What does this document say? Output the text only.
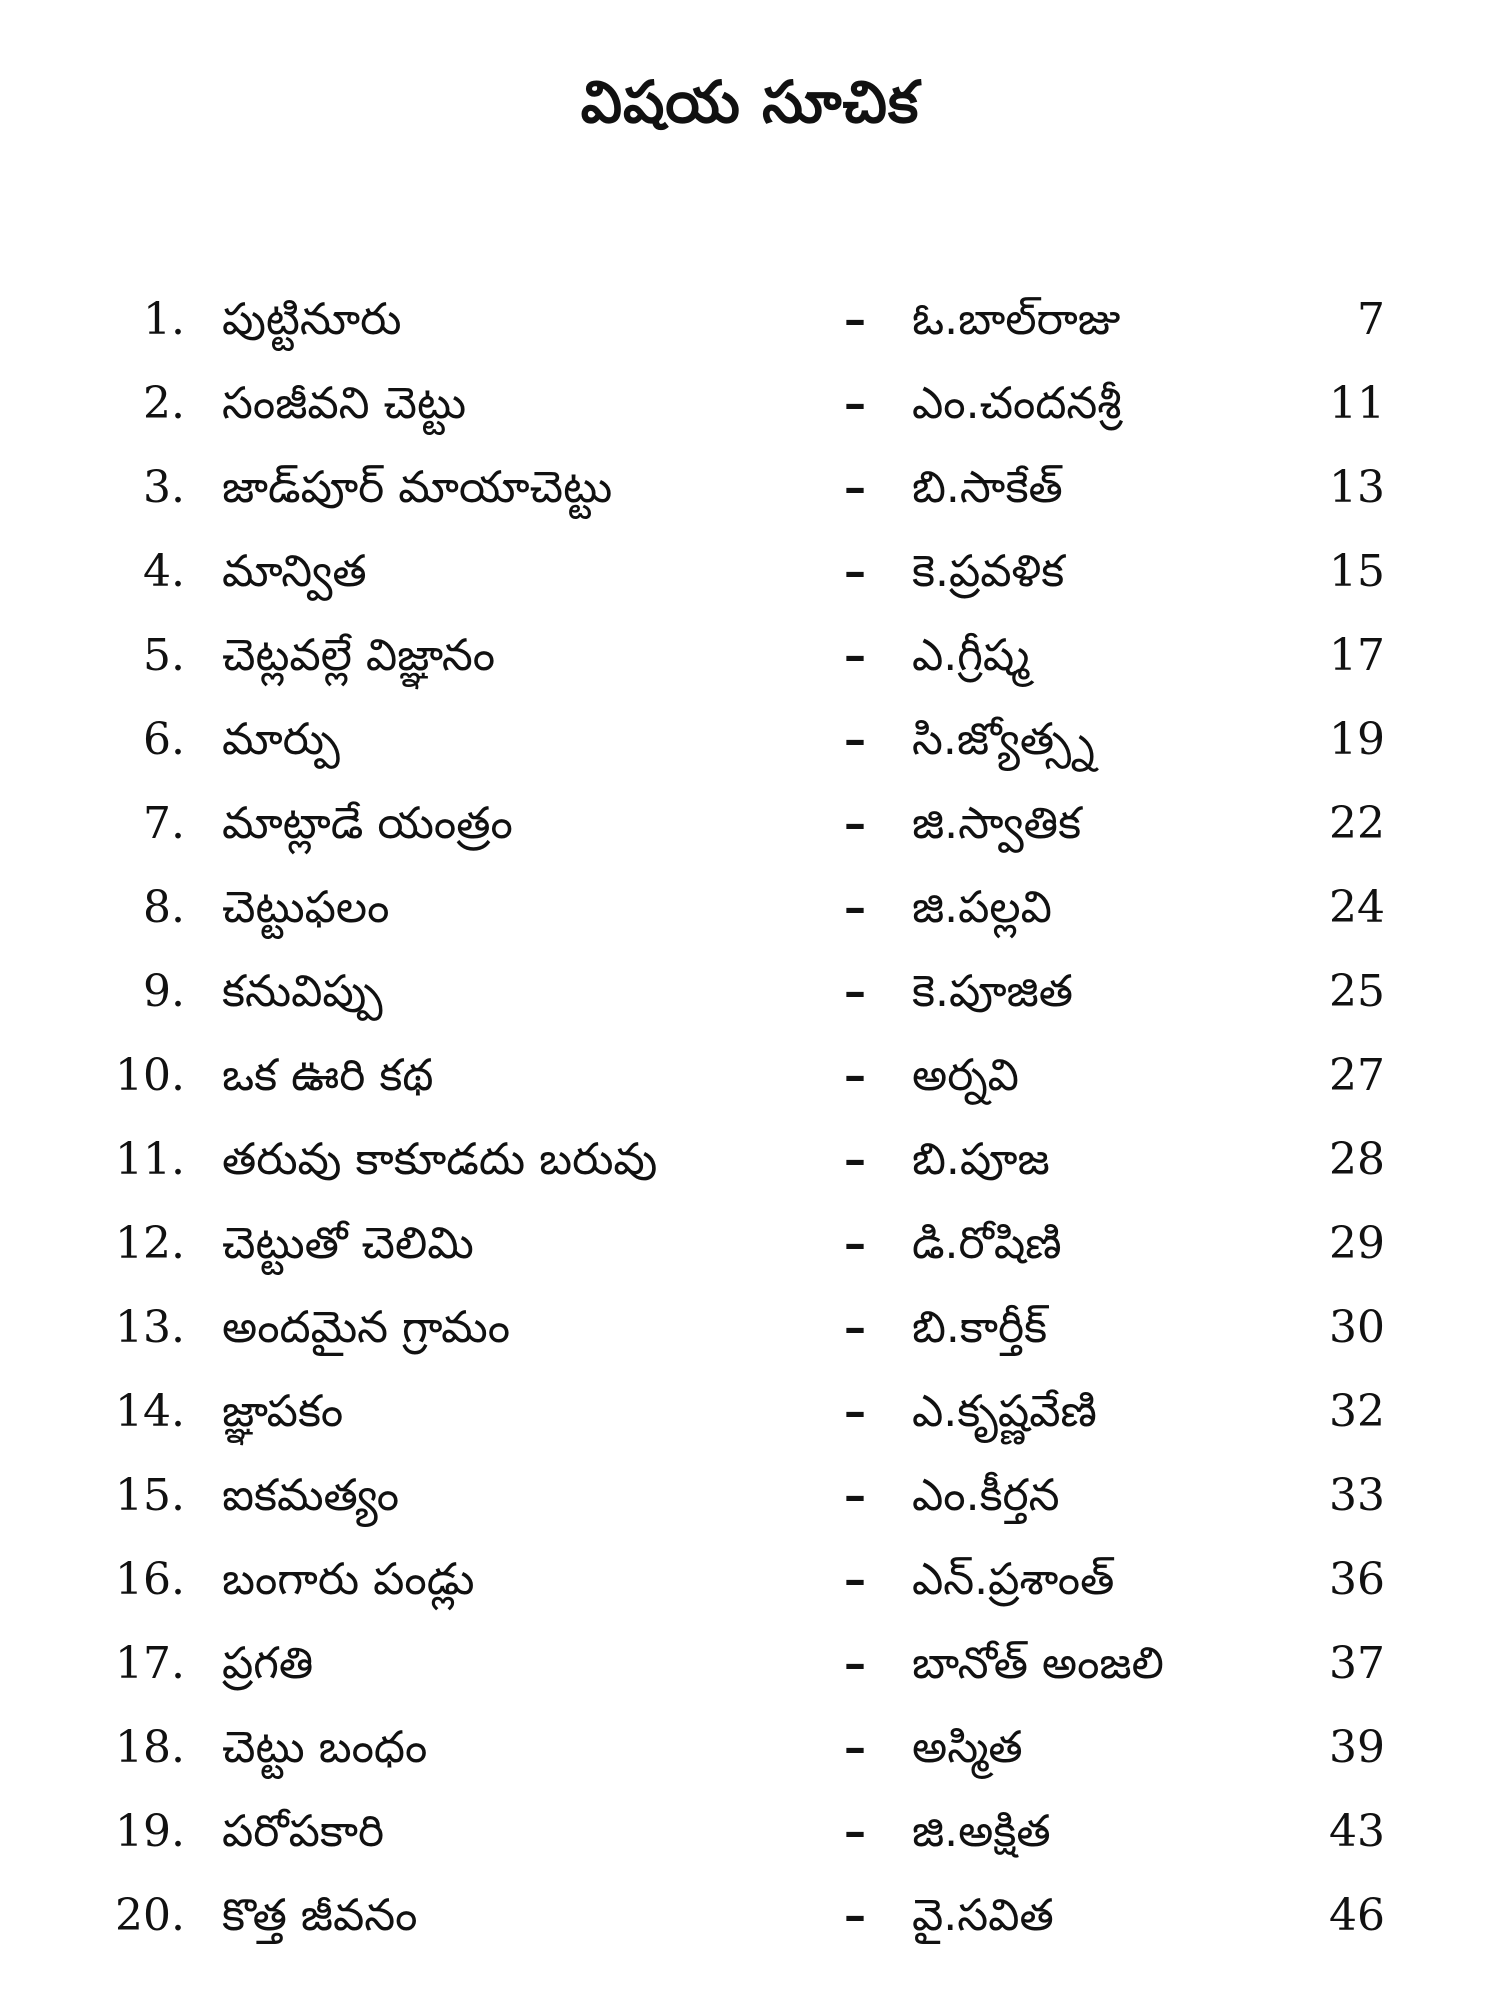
విషయ సూచిక
1. పుట్టినూరు	– ఓ.బాల్‌రాజు	7
2. సంజీవని చెట్టు	– ఎం.చందనశ్రీ	11
3. జాడ్‌పూర్ మాయాచెట్టు	– బి.సాకేత్	13
4. మాన్విత	– కె.ప్రవళిక	15
5. చెట్లవల్లే విజ్ఞానం	– ఎ.గ్రీష్మ	17
6. మార్పు	– సి.జ్యోత్స్న	19
7. మాట్లాడే యంత్రం	– జి.స్వాతిక	22
8. చెట్టుఫలం	– జి.పల్లవి	24
9. కనువిప్పు	– కె.పూజిత	25
10. ఒక ఊరి కథ	– అర్నవి	27
11. తరువు కాకూడదు బరువు	– బి.పూజ	28
12. చెట్టుతో చెలిమి	– డి.రోషిణి	29
13. అందమైన గ్రామం	– బి.కార్తీక్	30
14. జ్ఞాపకం	– ఎ.కృష్ణవేణి	32
15. ఐకమత్యం	– ఎం.కీర్తన	33
16. బంగారు పండ్లు	– ఎన్.ప్రశాంత్	36
17. ప్రగతి	– బానోత్ అంజలి	37
18. చెట్టు బంధం	– అస్మిత	39
19. పరోపకారి	– జి.అక్షిత	43
20. కొత్త జీవనం	– వై.సవిత	46
